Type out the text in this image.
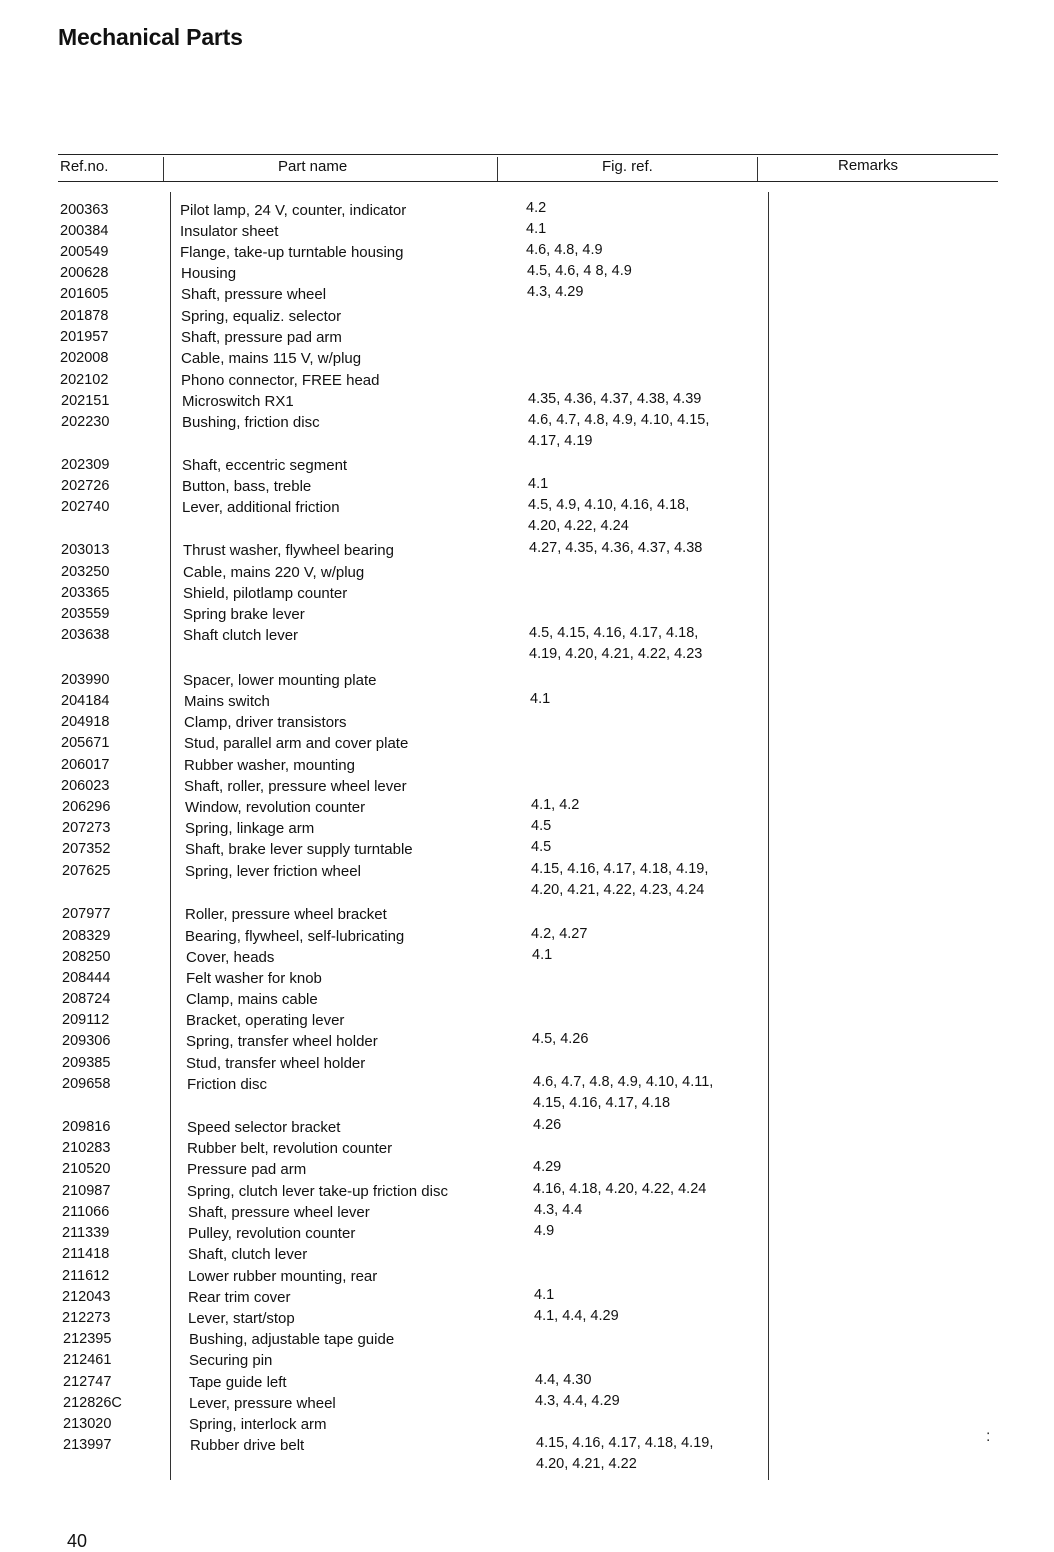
Mechanical Parts
Ref.no.	Part name	Fig. ref.	Remarks
200363	Pilot lamp, 24 V, counter, indicator	4.2
200384	Insulator sheet	4.1
200549	Flange, take-up turntable housing	4.6, 4.8, 4.9
200628	Housing	4.5, 4.6, 4 8, 4.9
201605	Shaft, pressure wheel	4.3, 4.29
201878	Spring, equaliz. selector
201957	Shaft, pressure pad arm
202008	Cable, mains 115 V, w/plug
202102	Phono connector, FREE head
202151	Microswitch RX1	4.35, 4.36, 4.37, 4.38, 4.39
202230	Bushing, friction disc	4.6, 4.7, 4.8, 4.9, 4.10, 4.15,
4.17, 4.19
202309	Shaft, eccentric segment
202726	Button, bass, treble	4.1
202740	Lever, additional friction	4.5, 4.9, 4.10, 4.16, 4.18,
4.20, 4.22, 4.24
203013	Thrust washer, flywheel bearing	4.27, 4.35, 4.36, 4.37, 4.38
203250	Cable, mains 220 V, w/plug
203365	Shield, pilotlamp counter
203559	Spring brake lever
203638	Shaft clutch lever	4.5, 4.15, 4.16, 4.17, 4.18,
4.19, 4.20, 4.21, 4.22, 4.23
203990	Spacer, lower mounting plate
204184	Mains switch	4.1
204918	Clamp, driver transistors
205671	Stud, parallel arm and cover plate
206017	Rubber washer, mounting
206023	Shaft, roller, pressure wheel lever
206296	Window, revolution counter	4.1, 4.2
207273	Spring, linkage arm	4.5
207352	Shaft, brake lever supply turntable	4.5
207625	Spring, lever friction wheel	4.15, 4.16, 4.17, 4.18, 4.19,
4.20, 4.21, 4.22, 4.23, 4.24
207977	Roller, pressure wheel bracket
208329	Bearing, flywheel, self-lubricating	4.2, 4.27
208250	Cover, heads	4.1
208444	Felt washer for knob
208724	Clamp, mains cable
209112	Bracket, operating lever
209306	Spring, transfer wheel holder	4.5, 4.26
209385	Stud, transfer wheel holder
209658	Friction disc	4.6, 4.7, 4.8, 4.9, 4.10, 4.11,
4.15, 4.16, 4.17, 4.18
209816	Speed selector bracket	4.26
210283	Rubber belt, revolution counter
210520	Pressure pad arm	4.29
210987	Spring, clutch lever take-up friction disc	4.16, 4.18, 4.20, 4.22, 4.24
211066	Shaft, pressure wheel lever	4.3, 4.4
211339	Pulley, revolution counter	4.9
211418	Shaft, clutch lever
211612	Lower rubber mounting, rear
212043	Rear trim cover	4.1
212273	Lever, start/stop	4.1, 4.4, 4.29
212395	Bushing, adjustable tape guide
212461	Securing pin
212747	Tape guide left	4.4, 4.30
212826C	Lever, pressure wheel	4.3, 4.4, 4.29
213020	Spring, interlock arm
213997	Rubber drive belt	4.15, 4.16, 4.17, 4.18, 4.19,
4.20, 4.21, 4.22
40
:
